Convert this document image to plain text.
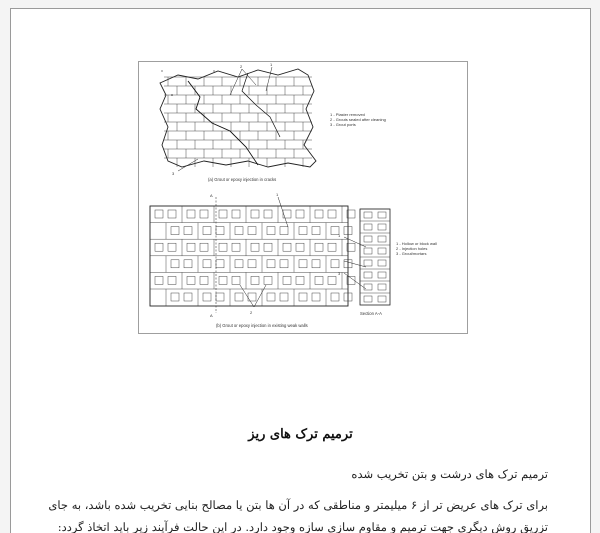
2	1
3
1 - Plaster removed
2 - Grouts sealed after cleaning
3 - Grout ports
(a) Grout or epoxy injection in cracks
A
A
1
2
1
3
1 - Hollow or block wall
2 - Injection holes
3 - Grout/mortars
Section A-A
(b) Grout or epoxy injection in existing weak walls
ترمیم ترک های ریز
ترمیم ترک های درشت و بتن تخریب شده
برای ترک های عریض تر از ۶ میلیمتر و مناطقی که در آن ها بتن یا مصالح بنایی تخریب شده باشد، به جای
تزریق روش دیگری جهت ترمیم و مقاوم سازی سازه وجود دارد. در این حالت فرآیند زیر باید اتخاذ گردد:
